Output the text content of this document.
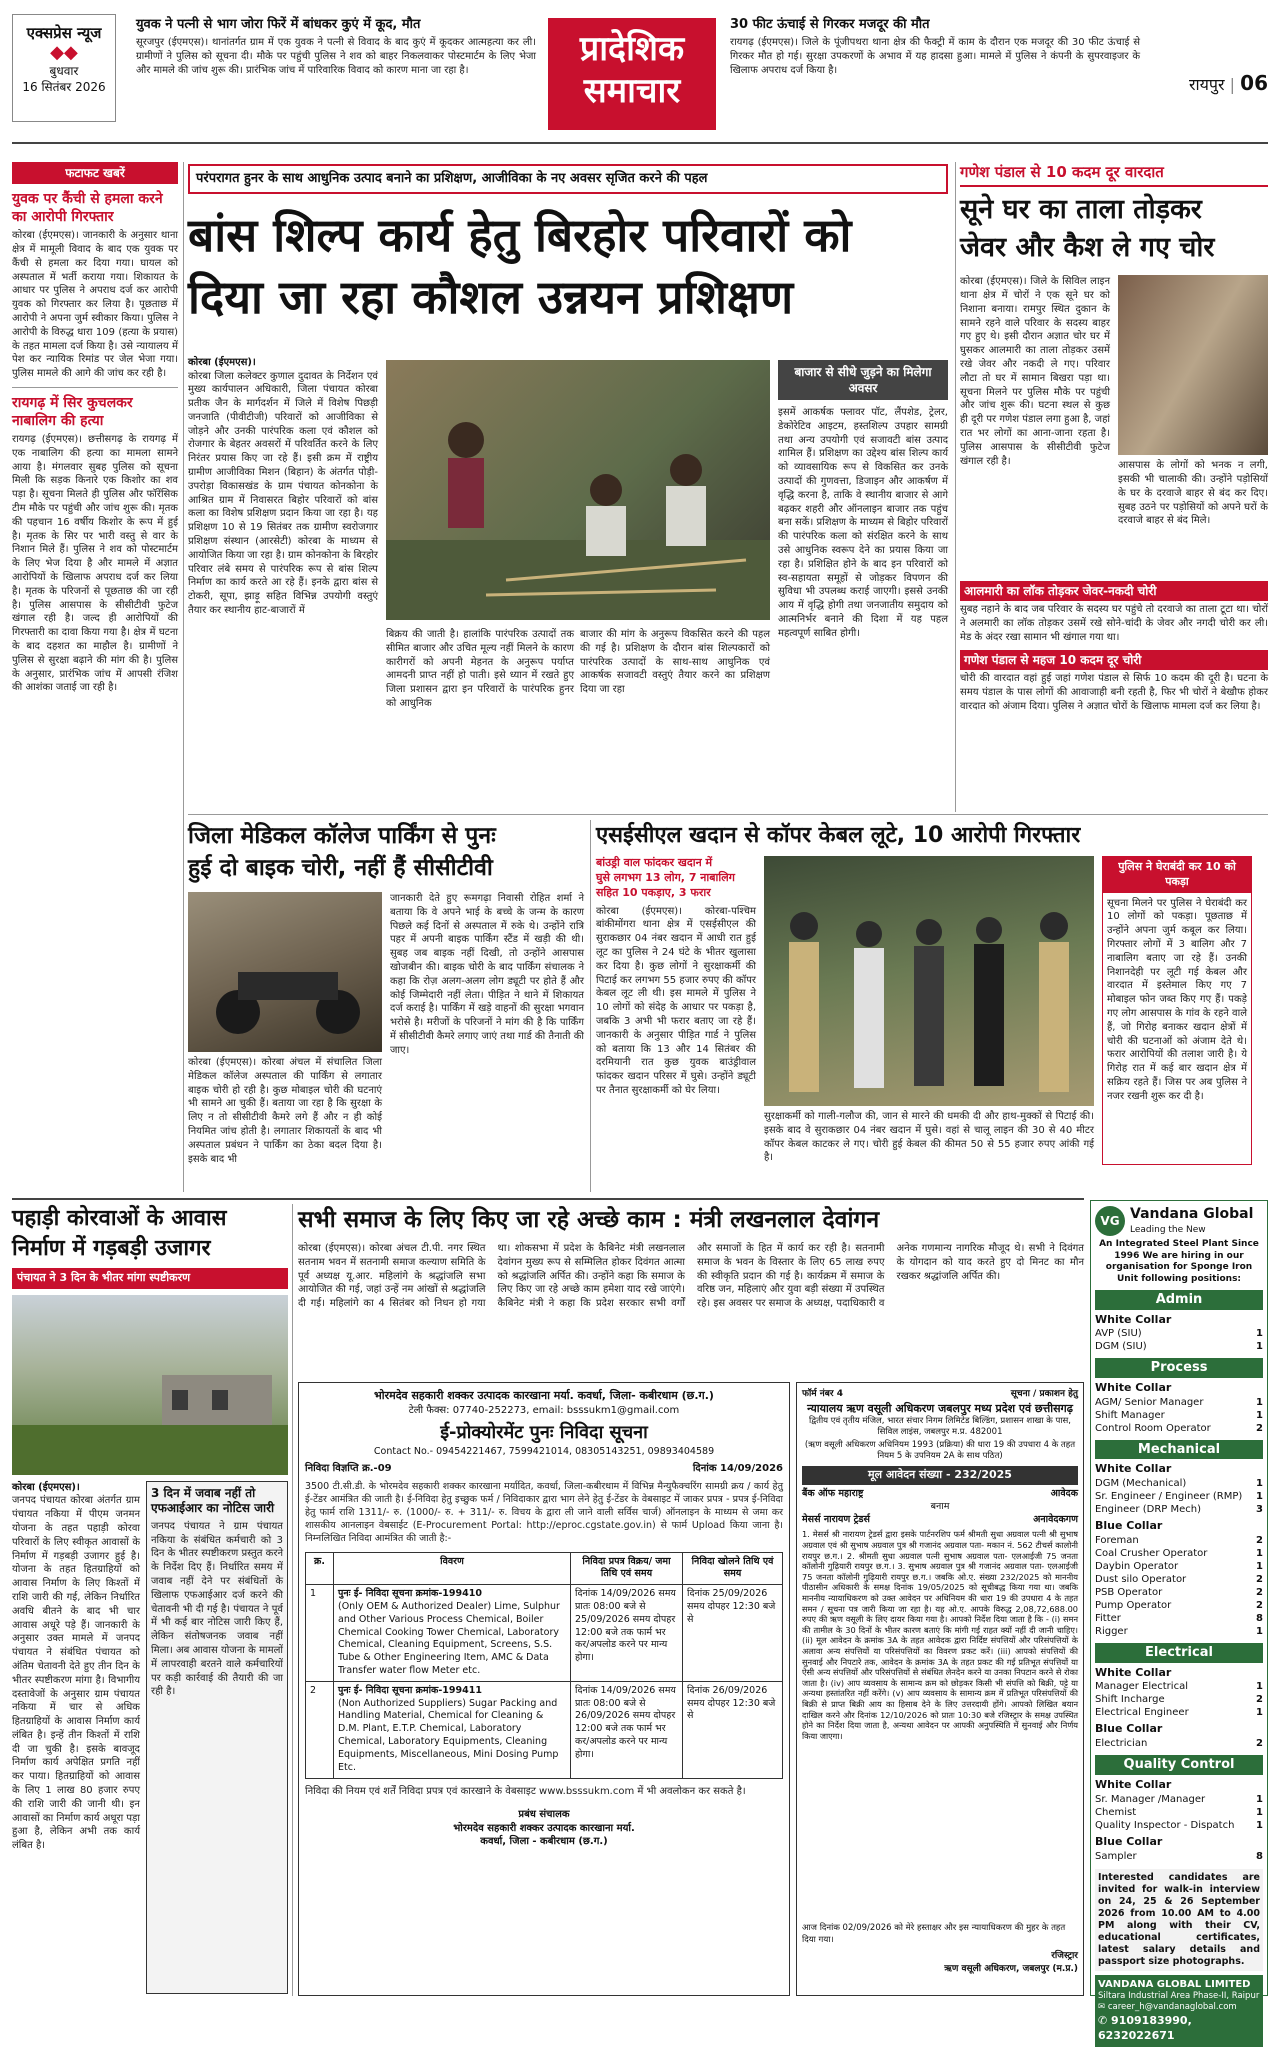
एक्सप्रेस न्यूज
◆◆
बुधवार
16 सितंबर 2026
युवक ने पत्नी से भाग जोरा फिरें में बांधकर कुएं में कूद, मौत
सूरजपुर (ईएमएस)। थानांतर्गत ग्राम में एक युवक ने पत्नी से विवाद के बाद कुएं में कूदकर आत्महत्या कर ली। ग्रामीणों ने पुलिस को सूचना दी। मौके पर पहुंची पुलिस ने शव को बाहर निकलवाकर पोस्टमार्टम के लिए भेजा और मामले की जांच शुरू की। प्रारंभिक जांच में पारिवारिक विवाद को कारण माना जा रहा है।
प्रादेशिक
समाचार
30 फीट ऊंचाई से गिरकर मजदूर की मौत
रायगढ़ (ईएमएस)। जिले के पूंजीपथरा थाना क्षेत्र की फैक्ट्री में काम के दौरान एक मजदूर की 30 फीट ऊंचाई से गिरकर मौत हो गई। सुरक्षा उपकरणों के अभाव में यह हादसा हुआ। मामले में पुलिस ने कंपनी के सुपरवाइजर के खिलाफ अपराध दर्ज किया है।
रायपुर | 06
फटाफट खबरें
युवक पर कैंची से हमला करने का आरोपी गिरफ्तार
कोरबा (ईएमएस)। जानकारी के अनुसार थाना क्षेत्र में मामूली विवाद के बाद एक युवक पर कैंची से हमला कर दिया गया। घायल को अस्पताल में भर्ती कराया गया। शिकायत के आधार पर पुलिस ने अपराध दर्ज कर आरोपी युवक को गिरफ्तार कर लिया है। पूछताछ में आरोपी ने अपना जुर्म स्वीकार किया। पुलिस ने आरोपी के विरुद्ध धारा 109 (हत्या के प्रयास) के तहत मामला दर्ज किया है। उसे न्यायालय में पेश कर न्यायिक रिमांड पर जेल भेजा गया। पुलिस मामले की आगे की जांच कर रही है।
रायगढ़ में सिर कुचलकर नाबालिग की हत्या
रायगढ़ (ईएमएस)। छत्तीसगढ़ के रायगढ़ में एक नाबालिग की हत्या का मामला सामने आया है। मंगलवार सुबह पुलिस को सूचना मिली कि सड़क किनारे एक किशोर का शव पड़ा है। सूचना मिलते ही पुलिस और फॉरेंसिक टीम मौके पर पहुंची और जांच शुरू की। मृतक की पहचान 16 वर्षीय किशोर के रूप में हुई है। मृतक के सिर पर भारी वस्तु से वार के निशान मिले हैं। पुलिस ने शव को पोस्टमार्टम के लिए भेज दिया है और मामले में अज्ञात आरोपियों के खिलाफ अपराध दर्ज कर लिया है। मृतक के परिजनों से पूछताछ की जा रही है। पुलिस आसपास के सीसीटीवी फुटेज खंगाल रही है। जल्द ही आरोपियों की गिरफ्तारी का दावा किया गया है। क्षेत्र में घटना के बाद दहशत का माहौल है। ग्रामीणों ने पुलिस से सुरक्षा बढ़ाने की मांग की है। पुलिस के अनुसार, प्रारंभिक जांच में आपसी रंजिश की आशंका जताई जा रही है।
परंपरागत हुनर के साथ आधुनिक उत्पाद बनाने का प्रशिक्षण, आजीविका के नए अवसर सृजित करने की पहल
बांस शिल्प कार्य हेतु बिरहोर परिवारों को
दिया जा रहा कौशल उन्नयन प्रशिक्षण
कोरबा (ईएमएस)।
कोरबा जिला कलेक्टर कुणाल दुदावत के निर्देशन एवं मुख्य कार्यपालन अधिकारी, जिला पंचायत कोरबा प्रतीक जैन के मार्गदर्शन में जिले में विशेष पिछड़ी जनजाति (पीवीटीजी) परिवारों को आजीविका से जोड़ने और उनकी पारंपरिक कला एवं कौशल को रोजगार के बेहतर अवसरों में परिवर्तित करने के लिए निरंतर प्रयास किए जा रहे हैं। इसी क्रम में राष्ट्रीय ग्रामीण आजीविका मिशन (बिहान) के अंतर्गत पोड़ी-उपरोड़ा विकासखंड के ग्राम पंचायत कोनकोना के आश्रित ग्राम में निवासरत बिहोर परिवारों को बांस कला का विशेष प्रशिक्षण प्रदान किया जा रहा है। यह प्रशिक्षण 10 से 19 सितंबर तक ग्रामीण स्वरोजगार प्रशिक्षण संस्थान (आरसेटी) कोरबा के माध्यम से आयोजित किया जा रहा है। ग्राम कोनकोना के बिरहोर परिवार लंबे समय से पारंपरिक रूप से बांस शिल्प निर्माण का कार्य करते आ रहे हैं। इनके द्वारा बांस से टोकरी, सूपा, झाड़ू सहित विभिन्न उपयोगी वस्तुएं तैयार कर स्थानीय हाट-बाजारों में
बिक्रय की जाती है। हालांकि पारंपरिक उत्पादों तक सीमित बाजार और उचित मूल्य नहीं मिलने के कारण कारीगरों को अपनी मेहनत के अनुरूप पर्याप्त आमदनी प्राप्त नहीं हो पाती। इसे ध्यान में रखते हुए जिला प्रशासन द्वारा इन परिवारों के पारंपरिक हुनर को आधुनिक
बाजार की मांग के अनुरूप विकसित करने की पहल की गई है। प्रशिक्षण के दौरान बांस शिल्पकारों को पारंपरिक उत्पादों के साथ-साथ आधुनिक एवं आकर्षक सजावटी वस्तुएं तैयार करने का प्रशिक्षण दिया जा रहा
बाजार से सीधे जुड़ने का मिलेगा अवसर
इसमें आकर्षक फ्लावर पॉट, लैंपशेड, ट्रेलर, डेकोरेटिव आइटम, हस्तशिल्प उपहार सामग्री तथा अन्य उपयोगी एवं सजावटी बांस उत्पाद शामिल हैं। प्रशिक्षण का उद्देश्य बांस शिल्प कार्य को व्यावसायिक रूप से विकसित कर उनके उत्पादों की गुणवत्ता, डिजाइन और आकर्षण में वृद्धि करना है, ताकि वे स्थानीय बाजार से आगे बढ़कर शहरी और ऑनलाइन बाजार तक पहुंच बना सकें। प्रशिक्षण के माध्यम से बिहोर परिवारों की पारंपरिक कला को संरक्षित करने के साथ उसे आधुनिक स्वरूप देने का प्रयास किया जा रहा है। प्रशिक्षित होने के बाद इन परिवारों को स्व-सहायता समूहों से जोड़कर विपणन की सुविधा भी उपलब्ध कराई जाएगी। इससे उनकी आय में वृद्धि होगी तथा जनजातीय समुदाय को आत्मनिर्भर बनाने की दिशा में यह पहल महत्वपूर्ण साबित होगी।
गणेश पंडाल से 10 कदम दूर वारदात
सूने घर का ताला तोड़कर
जेवर और कैश ले गए चोर
कोरबा (ईएमएस)। जिले के सिविल लाइन थाना क्षेत्र में चोरों ने एक सूने घर को निशाना बनाया। रामपुर स्थित दुकान के सामने रहने वाले परिवार के सदस्य बाहर गए हुए थे। इसी दौरान अज्ञात चोर घर में घुसकर आलमारी का ताला तोड़कर उसमें रखे जेवर और नकदी ले गए। परिवार लौटा तो घर में सामान बिखरा पड़ा था। सूचना मिलने पर पुलिस मौके पर पहुंची और जांच शुरू की। घटना स्थल से कुछ ही दूरी पर गणेश पंडाल लगा हुआ है, जहां रात भर लोगों का आना-जाना रहता है। पुलिस आसपास के सीसीटीवी फुटेज खंगाल रही है।	आसपास के लोगों को भनक न लगी, इसकी भी चालाकी की। उन्होंने पड़ोसियों के घर के दरवाजे बाहर से बंद कर दिए। सुबह उठने पर पड़ोसियों को अपने घरों के दरवाजे बाहर से बंद मिले।
आलमारी का लॉक तोड़कर जेवर-नकदी चोरी
सुबह नहाने के बाद जब परिवार के सदस्य घर पहुंचे तो दरवाजे का ताला टूटा था। चोरों ने अलमारी का लॉक तोड़कर उसमें रखे सोने-चांदी के जेवर और नगदी चोरी कर ली। मेड के अंदर रखा सामान भी खंगाल गया था।
गणेश पंडाल से महज 10 कदम दूर चोरी
चोरी की वारदात वहां हुई जहां गणेश पंडाल से सिर्फ 10 कदम की दूरी है। घटना के समय पंडाल के पास लोगों की आवाजाही बनी रहती है, फिर भी चोरों ने बेखौफ होकर वारदात को अंजाम दिया। पुलिस ने अज्ञात चोरों के खिलाफ मामला दर्ज कर लिया है।
जिला मेडिकल कॉलेज पार्किंग से पुनः
हुई दो बाइक चोरी, नहीं हैं सीसीटीवी
कोरबा (ईएमएस)। कोरबा अंचल में संचालित जिला मेडिकल कॉलेज अस्पताल की पार्किंग से लगातार बाइक चोरी हो रही है। कुछ मोबाइल चोरी की घटनाएं भी सामने आ चुकी हैं। बताया जा रहा है कि सुरक्षा के लिए न तो सीसीटीवी कैमरे लगे हैं और न ही कोई नियमित जांच होती है। लगातार शिकायतों के बाद भी अस्पताल प्रबंधन ने पार्किंग का ठेका बदल दिया है। इसके बाद भी
जानकारी देते हुए रूमगढ़ा निवासी रोहित शर्मा ने बताया कि वे अपने भाई के बच्चे के जन्म के कारण पिछले कई दिनों से अस्पताल में रुके थे। उन्होंने रात्रि पहर में अपनी बाइक पार्किंग स्टैंड में खड़ी की थी। सुबह जब बाइक नहीं दिखी, तो उन्होंने आसपास खोजबीन की। बाइक चोरी के बाद पार्किंग संचालक ने कहा कि रोज़ अलग-अलग लोग ड्यूटी पर होते हैं और कोई जिम्मेदारी नहीं लेता। पीड़ित ने थाने में शिकायत दर्ज कराई है। पार्किंग में खड़े वाहनों की सुरक्षा भगवान भरोसे है। मरीजों के परिजनों ने मांग की है कि पार्किंग में सीसीटीवी कैमरे लगाए जाएं तथा गार्ड की तैनाती की जाए।
एसईसीएल खदान से कॉपर केबल लूटे, 10 आरोपी गिरफ्तार
बांउड्री वाल फांदकर खदान में
घुसे लगभग 13 लोग, 7 नाबालिग
सहित 10 पकड़ाए, 3 फरार
कोरबा (ईएमएस)। कोरबा-पश्चिम बांकीमोंगरा थाना क्षेत्र में एसईसीएल की सुराकछार 04 नंबर खदान में आधी रात हुई लूट का पुलिस ने 24 घंटे के भीतर खुलासा कर दिया है। कुछ लोगों ने सुरक्षाकर्मी की पिटाई कर लगभग 55 हजार रुपए की कॉपर केबल लूट ली थी। इस मामले में पुलिस ने 10 लोगों को संदेह के आधार पर पकड़ा है, जबकि 3 अभी भी फरार बताए जा रहे हैं। जानकारी के अनुसार पीड़ित गार्ड ने पुलिस को बताया कि 13 और 14 सितंबर की दरमियानी रात कुछ युवक बाउंड्रीवाल फांदकर खदान परिसर में घुसे। उन्होंने ड्यूटी पर तैनात सुरक्षाकर्मी को घेर लिया।
सुरक्षाकर्मी को गाली-गलौज की, जान से मारने की धमकी दी और हाथ-मुक्कों से पिटाई की। इसके बाद वे सुराकछार 04 नंबर खदान में घुसे। वहां से चालू लाइन की 30 से 40 मीटर कॉपर केबल काटकर ले गए। चोरी हुई केबल की कीमत 50 से 55 हजार रुपए आंकी गई है।
पुलिस ने घेराबंदी कर 10 को पकड़ा
सूचना मिलने पर पुलिस ने घेराबंदी कर 10 लोगों को पकड़ा। पूछताछ में उन्होंने अपना जुर्म कबूल कर लिया। गिरफ्तार लोगों में 3 बालिग और 7 नाबालिग बताए जा रहे हैं। उनकी निशानदेही पर लूटी गई केबल और वारदात में इस्तेमाल किए गए 7 मोबाइल फोन जब्त किए गए हैं। पकड़े गए लोग आसपास के गांव के रहने वाले हैं, जो गिरोह बनाकर खदान क्षेत्रों में चोरी की घटनाओं को अंजाम देते थे। फरार आरोपियों की तलाश जारी है। ये गिरोह रात में कई बार खदान क्षेत्र में सक्रिय रहते हैं। जिस पर अब पुलिस ने नजर रखनी शुरू कर दी है।
पहाड़ी कोरवाओं के आवास
निर्माण में गड़बड़ी उजागर
पंचायत ने 3 दिन के भीतर मांगा स्पष्टीकरण
कोरबा (ईएमएस)।
जनपद पंचायत कोरबा अंतर्गत ग्राम पंचायत नकिया में पीएम जनमन योजना के तहत पहाड़ी कोरवा परिवारों के लिए स्वीकृत आवासों के निर्माण में गड़बड़ी उजागर हुई है। योजना के तहत हितग्राहियों को आवास निर्माण के लिए किश्तों में राशि जारी की गई, लेकिन निर्धारित अवधि बीतने के बाद भी चार आवास अधूरे पड़े हैं। जानकारी के अनुसार उक्त मामले में जनपद पंचायत ने संबंधित पंचायत को अंतिम चेतावनी देते हुए तीन दिन के भीतर स्पष्टीकरण मांगा है। विभागीय दस्तावेजों के अनुसार ग्राम पंचायत नकिया में चार से अधिक हितग्राहियों के आवास निर्माण कार्य लंबित है। इन्हें तीन किश्तों में राशि दी जा चुकी है। इसके बावजूद निर्माण कार्य अपेक्षित प्रगति नहीं कर पाया। हितग्राहियों को आवास के लिए 1 लाख 80 हजार रुपए की राशि जारी की जानी थी। इन आवासों का निर्माण कार्य अधूरा पड़ा हुआ है, लेकिन अभी तक कार्य लंबित है।
3 दिन में जवाब नहीं तो एफआईआर का नोटिस जारी
जनपद पंचायत ने ग्राम पंचायत नकिया के संबंधित कर्मचारी को 3 दिन के भीतर स्पष्टीकरण प्रस्तुत करने के निर्देश दिए हैं। निर्धारित समय में जवाब नहीं देने पर संबंधितों के खिलाफ एफआईआर दर्ज करने की चेतावनी भी दी गई है। पंचायत ने पूर्व में भी कई बार नोटिस जारी किए हैं, लेकिन संतोषजनक जवाब नहीं मिला। अब आवास योजना के मामलों में लापरवाही बरतने वाले कर्मचारियों पर कड़ी कार्रवाई की तैयारी की जा रही है।
सभी समाज के लिए किए जा रहे अच्छे काम : मंत्री लखनलाल देवांगन
कोरबा (ईएमएस)। कोरबा अंचल टी.पी. नगर स्थित सतनाम भवन में सतनामी समाज कल्याण समिति के पूर्व अध्यक्ष यू.आर. महिलांगे के श्रद्धांजलि सभा आयोजित की गई, जहां उन्हें नम आंखों से श्रद्धांजलि दी गई। महिलांगे का 4 सितंबर को निधन हो गया था। शोकसभा में प्रदेश के कैबिनेट मंत्री लखनलाल देवांगन मुख्य रूप से सम्मिलित होकर दिवंगत आत्मा को श्रद्धांजलि अर्पित की। उन्होंने कहा कि समाज के लिए किए जा रहे अच्छे काम हमेशा याद रखे जाएंगे। कैबिनेट मंत्री ने कहा कि प्रदेश सरकार सभी वर्गों और समाजों के हित में कार्य कर रही है। सतनामी समाज के भवन के विस्तार के लिए 65 लाख रुपए की स्वीकृति प्रदान की गई है। कार्यक्रम में समाज के वरिष्ठ जन, महिलाएं और युवा बड़ी संख्या में उपस्थित रहे। इस अवसर पर समाज के अध्यक्ष, पदाधिकारी व अनेक गणमान्य नागरिक मौजूद थे। सभी ने दिवंगत के योगदान को याद करते हुए दो मिनट का मौन रखकर श्रद्धांजलि अर्पित की।
भोरमदेव सहकारी शक्कर उत्पादक कारखाना मर्या. कवर्धा, जिला- कबीरधाम (छ.ग.)
टेली फैक्स: 07740-252273, email: bsssukm1@gmail.com
ई-प्रोक्योरमेंट पुनः निविदा सूचना
Contact No.- 09454221467, 7599421014, 08305143251, 09893404589
निविदा विज्ञप्ति क्र.-09	दिनांक 14/09/2026
3500 टी.सी.डी. के भोरमदेव सहकारी शक्कर कारखाना मर्यादित, कवर्धा, जिला-कबीरधाम में विभिन्न मैन्युफैक्चरिंग सामग्री क्रय / कार्य हेतु ई-टेंडर आमंत्रित की जाती है। ई-निविदा हेतु इच्छुक फर्म / निविदाकार द्वारा भाग लेने हेतु ई-टेंडर के वेबसाइट में जाकर प्रपत्र - प्रपत्र ई-निविदा हेतु फार्म राशि 1311/- रु. (1000/- रु. + 311/- रु. विचय के द्वारा ली जाने वाली सर्विस चार्ज) ऑनलाइन के माध्यम से जमा कर शासकीय आनलाइन वेबसाईट (E-Procurement Portal: http://eproc.cgstate.gov.in) से फार्म Upload किया जाना है। निम्नलिखित निविदा आमंत्रित की जाती है:-
क्र.	विवरण	निविदा प्रपत्र विक्रय/ जमा तिथि एवं समय	निविदा खोलने तिथि एवं समय
1	पुनः ई- निविदा सूचना क्रमांक-199410
(Only OEM & Authorized Dealer) Lime, Sulphur and Other Various Process Chemical, Boiler Chemical Cooking Tower Chemical, Laboratory Chemical, Cleaning Equipment, Screens, S.S. Tube & Other Engineering Item, AMC & Data Transfer water flow Meter etc.	दिनांक 14/09/2026 समय प्रातः 08:00 बजे से 25/09/2026 समय दोपहर 12:00 बजे तक फार्म भर कर/अपलोड करने पर मान्य होगा।	दिनांक 25/09/2026 समय दोपहर 12:30 बजे से
2	पुनः ई- निविदा सूचना क्रमांक-199411
(Non Authorized Suppliers) Sugar Packing and Handling Material, Chemical for Cleaning & D.M. Plant, E.T.P. Chemical, Laboratory Chemical, Laboratory Equipments, Cleaning Equipments, Miscellaneous, Mini Dosing Pump Etc.	दिनांक 14/09/2026 समय प्रातः 08:00 बजे से 26/09/2026 समय दोपहर 12:00 बजे तक फार्म भर कर/अपलोड करने पर मान्य होगा।	दिनांक 26/09/2026 समय दोपहर 12:30 बजे से
निविदा की नियम एवं शर्तें निविदा प्रपत्र एवं कारखाने के वेबसाइट www.bsssukm.com में भी अवलोकन कर सकते है।
प्रबंध संचालक
भोरमदेव सहकारी शक्कर उत्पादक कारखाना मर्या.
कवर्धा, जिला - कबीरधाम (छ.ग.)
फॉर्म नंबर 4	सूचना / प्रकाशन हेतु
न्यायालय ऋण वसूली अधिकरण जबलपुर मध्य प्रदेश एवं छत्तीसगढ़
द्वितीय एवं तृतीय मंजिल, भारत संचार निगम लिमिटेड बिल्डिंग, प्रशासन शाखा के पास, सिविल लाइंस, जबलपुर म.प्र. 482001
(ऋण वसूली अधिकरण अधिनियम 1993 (प्रक्रिया) की धारा 19 की उपधारा 4 के तहत नियम 5 के उपनियम 2A के साथ पठित)
मूल आवेदन संख्या - 232/2025
बैंक ऑफ महाराष्ट्र	आवेदक
बनाम
मेसर्स नारायण ट्रेडर्स	अनावेदकगण
1. मेसर्स श्री नारायण ट्रेडर्स द्वारा इसके पार्टनरशिप फर्म श्रीमती सुधा अग्रवाल पत्नी श्री सुभाष अग्रवाल एवं श्री सुभाष अग्रवाल पुत्र श्री गजानंद अग्रवाल पता- मकान नं. 562 टीचर्स कालोनी रायपुर छ.ग.। 2. श्रीमती सुधा अग्रवाल पत्नी सुभाष अग्रवाल पता- एलआईजी 75 जनता कॉलोनी गुढ़ियारी रायपुर छ.ग.। 3. सुभाष अग्रवाल पुत्र श्री गजानंद अग्रवाल पता- एलआईजी 75 जनता कॉलोनी गुढ़ियारी रायपुर छ.ग.। जबकि ओ.ए. संख्या 232/2025 को माननीय पीठासीन अधिकारी के समक्ष दिनांक 19/05/2025 को सूचीबद्ध किया गया था। जबकि माननीय न्यायाधिकरण को उक्त आवेदन पर अधिनियम की धारा 19 की उपधारा 4 के तहत समन / सूचना पत्र जारी किया जा रहा है। यह ओ.ए. आपके विरुद्ध 2,08,72,688.00 रुपए की ऋण वसूली के लिए दायर किया गया है। आपको निर्देश दिया जाता है कि - (i) समन की तामील के 30 दिनों के भीतर कारण बताएं कि मांगी गई राहत क्यों नहीं दी जानी चाहिए। (ii) मूल आवेदन के क्रमांक 3A के तहत आवेदक द्वारा निर्दिष्ट संपत्तियों और परिसंपत्तियों के अलावा अन्य संपत्तियों या परिसंपत्तियों का विवरण प्रकट करें। (iii) आपको संपत्तियों की सुनवाई और निपटारे तक, आवेदन के क्रमांक 3A के तहत प्रकट की गई प्रतिभूत संपत्तियों या ऐसी अन्य संपत्तियों और परिसंपत्तियों से संबंधित लेनदेन करने या उनका निपटान करने से रोका जाता है। (iv) आप व्यवसाय के सामान्य क्रम को छोड़कर किसी भी संपत्ति को बिक्री, पट्टे या अन्यथा हस्तांतरित नहीं करेंगे। (v) आप व्यवसाय के सामान्य क्रम में प्रतिभूत परिसंपत्तियों की बिक्री से प्राप्त बिक्री आय का हिसाब देने के लिए उत्तरदायी होंगे। आपको लिखित बयान दाखिल करने और दिनांक 12/10/2026 को प्रातः 10:30 बजे रजिस्ट्रार के समक्ष उपस्थित होने का निर्देश दिया जाता है, अन्यथा आवेदन पर आपकी अनुपस्थिति में सुनवाई और निर्णय किया जाएगा।
आज दिनांक 02/09/2026 को मेरे हस्ताक्षर और इस न्यायाधिकरण की मुहर के तहत दिया गया।
रजिस्ट्रार
ऋण वसूली अधिकरण, जबलपुर (म.प्र.)
VG Vandana Global
Leading the New
An Integrated Steel Plant Since 1996 We are hiring in our organisation for Sponge Iron Unit following positions:
Admin
White Collar
AVP (SIU)	1
DGM (SIU)	1
Process
White Collar
AGM/ Senior Manager	1
Shift Manager	1
Control Room Operator	2
Mechanical
White Collar
DGM (Mechanical)	1
Sr. Engineer / Engineer (RMP) 1
Engineer (DRP Mech)	3
Blue Collar
Foreman	2
Coal Crusher Operator	1
Daybin Operator	1
Dust silo Operator	2
PSB Operator	2
Pump Operator	2
Fitter	8
Rigger	1
Electrical
White Collar
Manager Electrical	1
Shift Incharge	2
Electrical Engineer	1
Blue Collar
Electrician	2
Quality Control
White Collar
Sr. Manager /Manager	1
Chemist	1
Quality Inspector - Dispatch 1
Blue Collar
Sampler	8
Interested candidates are invited for walk-in interview on 24, 25 & 26 September 2026 from 10.00 AM to 4.00 PM along with their CV, educational certificates, latest salary details and passport size photographs.
VANDANA GLOBAL LIMITED
Siltara Industrial Area Phase-II, Raipur
✉ career_h@vandanaglobal.com
✆ 9109183990, 6232022671
